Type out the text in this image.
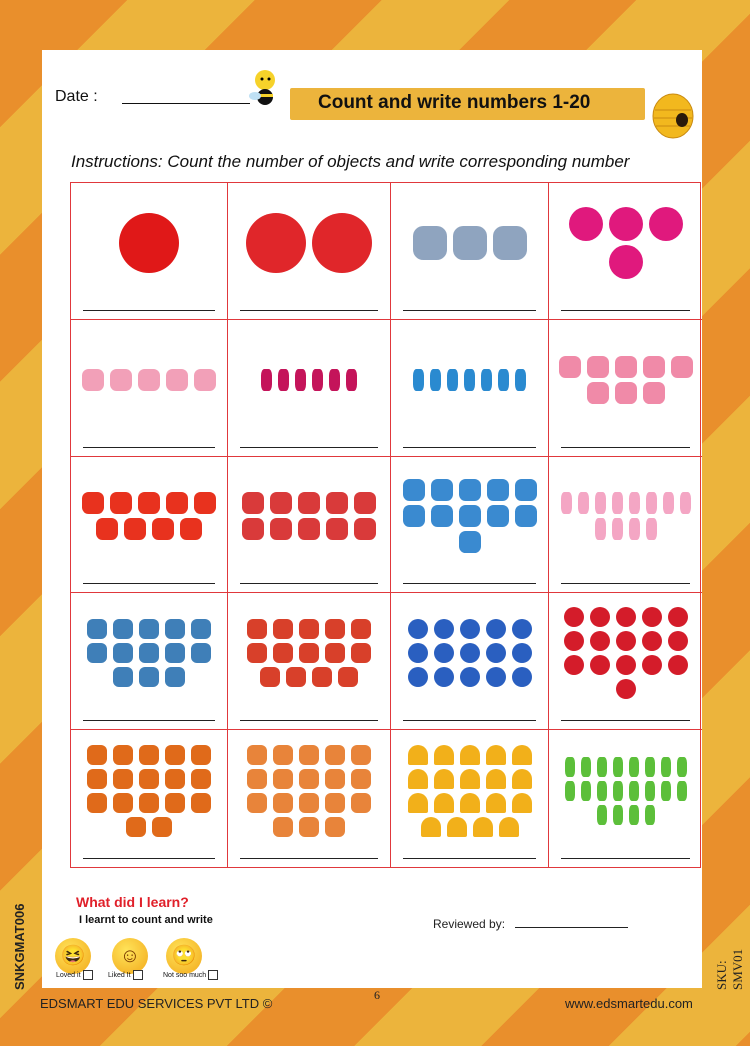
Date :	Count and write numbers 1-20
Instructions: Count the number of objects and write corresponding number
What did I learn?
I learnt to count and write
😆	☺	🙄
Loved it	Liked It	Not soo much
Reviewed by:
SNKGMAT006	SKU: SMV01
EDSMART EDU SERVICES PVT LTD ©
6
www.edsmartedu.com
